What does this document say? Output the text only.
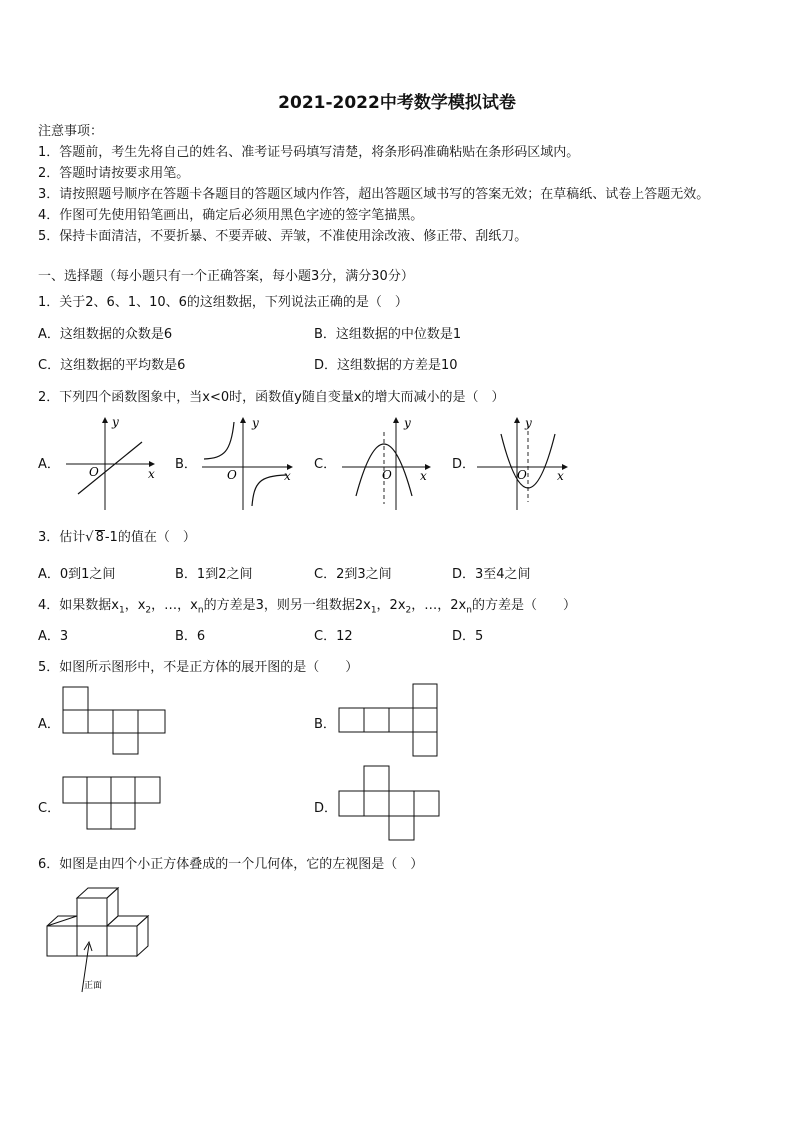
2021-2022中考数学模拟试卷
注意事项：
1．答题前，考生先将自己的姓名、准考证号码填写清楚，将条形码准确粘贴在条形码区域内。
2．答题时请按要求用笔。
3．请按照题号顺序在答题卡各题目的答题区域内作答，超出答题区域书写的答案无效；在草稿纸、试卷上答题无效。
4．作图可先使用铅笔画出，确定后必须用黑色字迹的签字笔描黑。
5．保持卡面清洁，不要折暴、不要弄破、弄皱，不准使用涂改液、修正带、刮纸刀。
一、选择题（每小题只有一个正确答案，每小题3分，满分30分）
1．关于2、6、1、10、6的这组数据，下列说法正确的是（　）
A．这组数据的众数是6	B．这组数据的中位数是1
C．这组数据的平均数是6	D．这组数据的方差是10
2．下列四个函数图象中，当x<0时，函数值y随自变量x的增大而减小的是（　）
A．	B．	C．	D．
y
x
O
y
x
O
y
x
O
y
x
O
3．估计√ 8-1的值在（　）
A．0到1之间	B．1到2之间	C．2到3之间	D．3至4之间
4．如果数据$x_1$，$x_2$，…，$x_n$的方差是3，则另一组数据$2x_1$，$2x_2$，…，$2x_n$的方差是（　　）
A．3	B．6	C．12	D．5
5．如图所示图形中，不是正方体的展开图的是（　　）
A．	B．
C．	D．
6．如图是由四个小正方体叠成的一个几何体，它的左视图是（　）
正面
